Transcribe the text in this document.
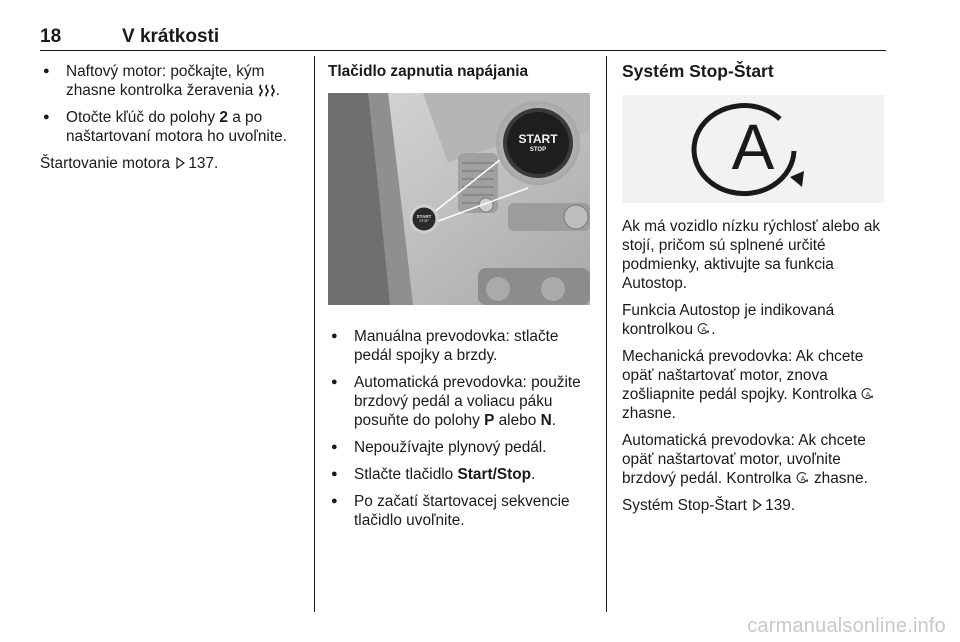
18	V krátkosti
● Naftový motor: počkajte, kým zhasne kontrolka žeravenia .
● Otočte kľúč do polohy 2 a po naštartovaní motora ho uvoľnite.

Štartovanie motora 137.

Tlačidlo zapnutia napájania
START
STOP
START
STOP
● Manuálna prevodovka: stlačte pedál spojky a brzdy.
● Automatická prevodovka: použite brzdový pedál a voliacu páku posuňte do polohy P alebo N.
● Nepoužívajte plynový pedál.
● Stlačte tlačidlo Start/Stop.
● Po začatí štartovacej sekvencie tlačidlo uvoľnite.
Systém Stop-Štart
A

Ak má vozidlo nízku rýchlosť alebo ak stojí, pričom sú splnené určité podmienky, aktivujte sa funkcia Autostop.

Funkcia Autostop je indikovaná kontrolkou A .

Mechanická prevodovka: Ak chcete opäť naštartovať motor, znova zošliapnite pedál spojky. Kontrolka A
zhasne.

Automatická prevodovka: Ak chcete opäť naštartovať motor, uvoľnite brzdový pedál. Kontrolka A zhasne.

Systém Stop-Štart 139.

carmanualsonline.info
